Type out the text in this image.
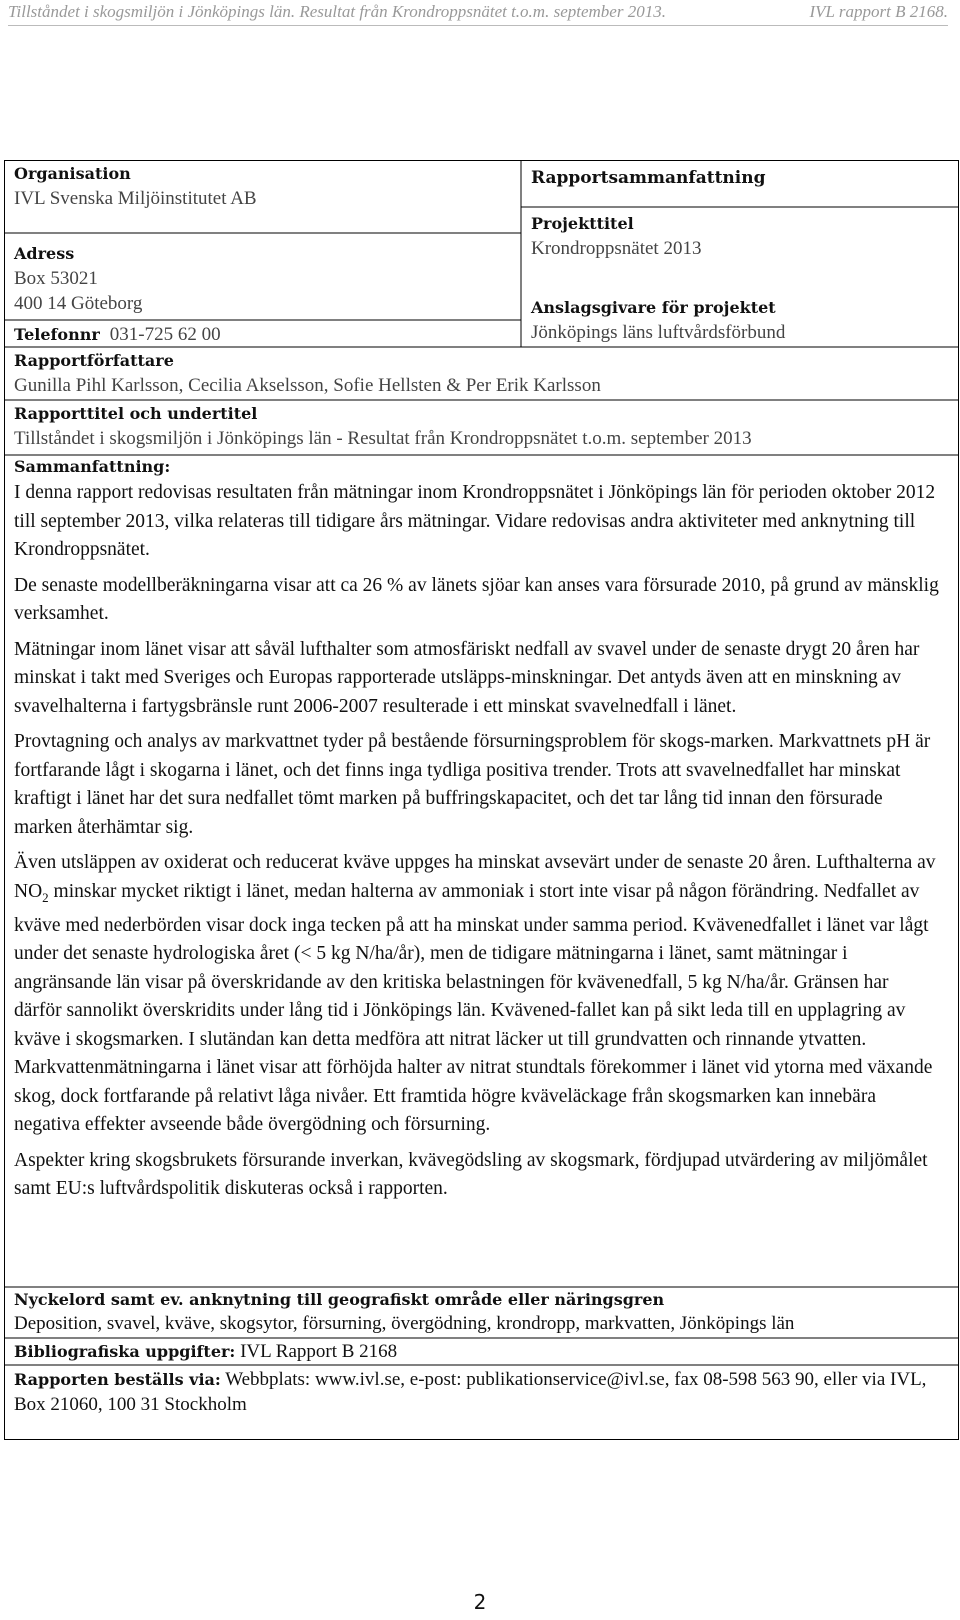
Tillståndet i skogsmiljön i Jönköpings län. Resultat från Krondroppsnätet t.o.m. september 2013.	IVL rapport B 2168.
Organisation
IVL Svenska Miljöinstitutet AB
Adress
Box 53021
400 14 Göteborg
Telefonnr 031-725 62 00
Rapportsammanfattning
Projekttitel
Krondroppsnätet 2013
Anslagsgivare för projektet
Jönköpings läns luftvårdsförbund
Rapportförfattare
Gunilla Pihl Karlsson, Cecilia Akselsson, Sofie Hellsten & Per Erik Karlsson
Rapporttitel och undertitel
Tillståndet i skogsmiljön i Jönköpings län - Resultat från Krondroppsnätet t.o.m. september 2013
Sammanfattning:

I denna rapport redovisas resultaten från mätningar inom Krondroppsnätet i Jönköpings län för perioden oktober 2012 till september 2013, vilka relateras till tidigare års mätningar. Vidare redovisas andra aktiviteter med anknytning till Krondroppsnätet.

De senaste modellberäkningarna visar att ca 26 % av länets sjöar kan anses vara försurade 2010, på grund av mänsklig verksamhet.

Mätningar inom länet visar att såväl lufthalter som atmosfäriskt nedfall av svavel under de senaste drygt 20 åren har minskat i takt med Sveriges och Europas rapporterade utsläpps-minskningar. Det antyds även att en minskning av svavelhalterna i fartygsbränsle runt 2006-2007 resulterade i ett minskat svavelnedfall i länet.

Provtagning och analys av markvattnet tyder på bestående försurningsproblem för skogs-marken. Markvattnets pH är fortfarande lågt i skogarna i länet, och det finns inga tydliga positiva trender. Trots att svavelnedfallet har minskat kraftigt i länet har det sura nedfallet tömt marken på buffringskapacitet, och det tar lång tid innan den försurade marken återhämtar sig.

Även utsläppen av oxiderat och reducerat kväve uppges ha minskat avsevärt under de senaste 20 åren. Lufthalterna av $NO_2$ minskar mycket riktigt i länet, medan halterna av ammoniak i stort inte visar på någon förändring. Nedfallet av kväve med nederbörden visar dock inga tecken på att ha minskat under samma period. Kvävenedfallet i länet var lågt under det senaste hydrologiska året (< 5 kg N/ha/år), men de tidigare mätningarna i länet, samt mätningar i angränsande län visar på överskridande av den kritiska belastningen för kvävenedfall, 5 kg N/ha/år. Gränsen har därför sannolikt överskridits under lång tid i Jönköpings län. Kvävened-fallet kan på sikt leda till en upplagring av kväve i skogsmarken. I slutändan kan detta medföra att nitrat läcker ut till grundvatten och rinnande ytvatten. Markvattenmätningarna i länet visar att förhöjda halter av nitrat stundtals förekommer i länet vid ytorna med växande skog, dock fortfarande på relativt låga nivåer. Ett framtida högre kväveläckage från skogsmarken kan innebära negativa effekter avseende både övergödning och försurning.

Aspekter kring skogsbrukets försurande inverkan, kvävegödsling av skogsmark, fördjupad utvärdering av miljömålet samt EU:s luftvårdspolitik diskuteras också i rapporten.

Nyckelord samt ev. anknytning till geografiskt område eller näringsgren
Deposition, svavel, kväve, skogsytor, försurning, övergödning, krondropp, markvatten, Jönköpings län
Bibliografiska uppgifter: IVL Rapport B 2168
Rapporten beställs via: Webbplats: www.ivl.se, e-post: publikationservice@ivl.se, fax 08-598 563 90, eller via IVL, Box 21060, 100 31 Stockholm
2
